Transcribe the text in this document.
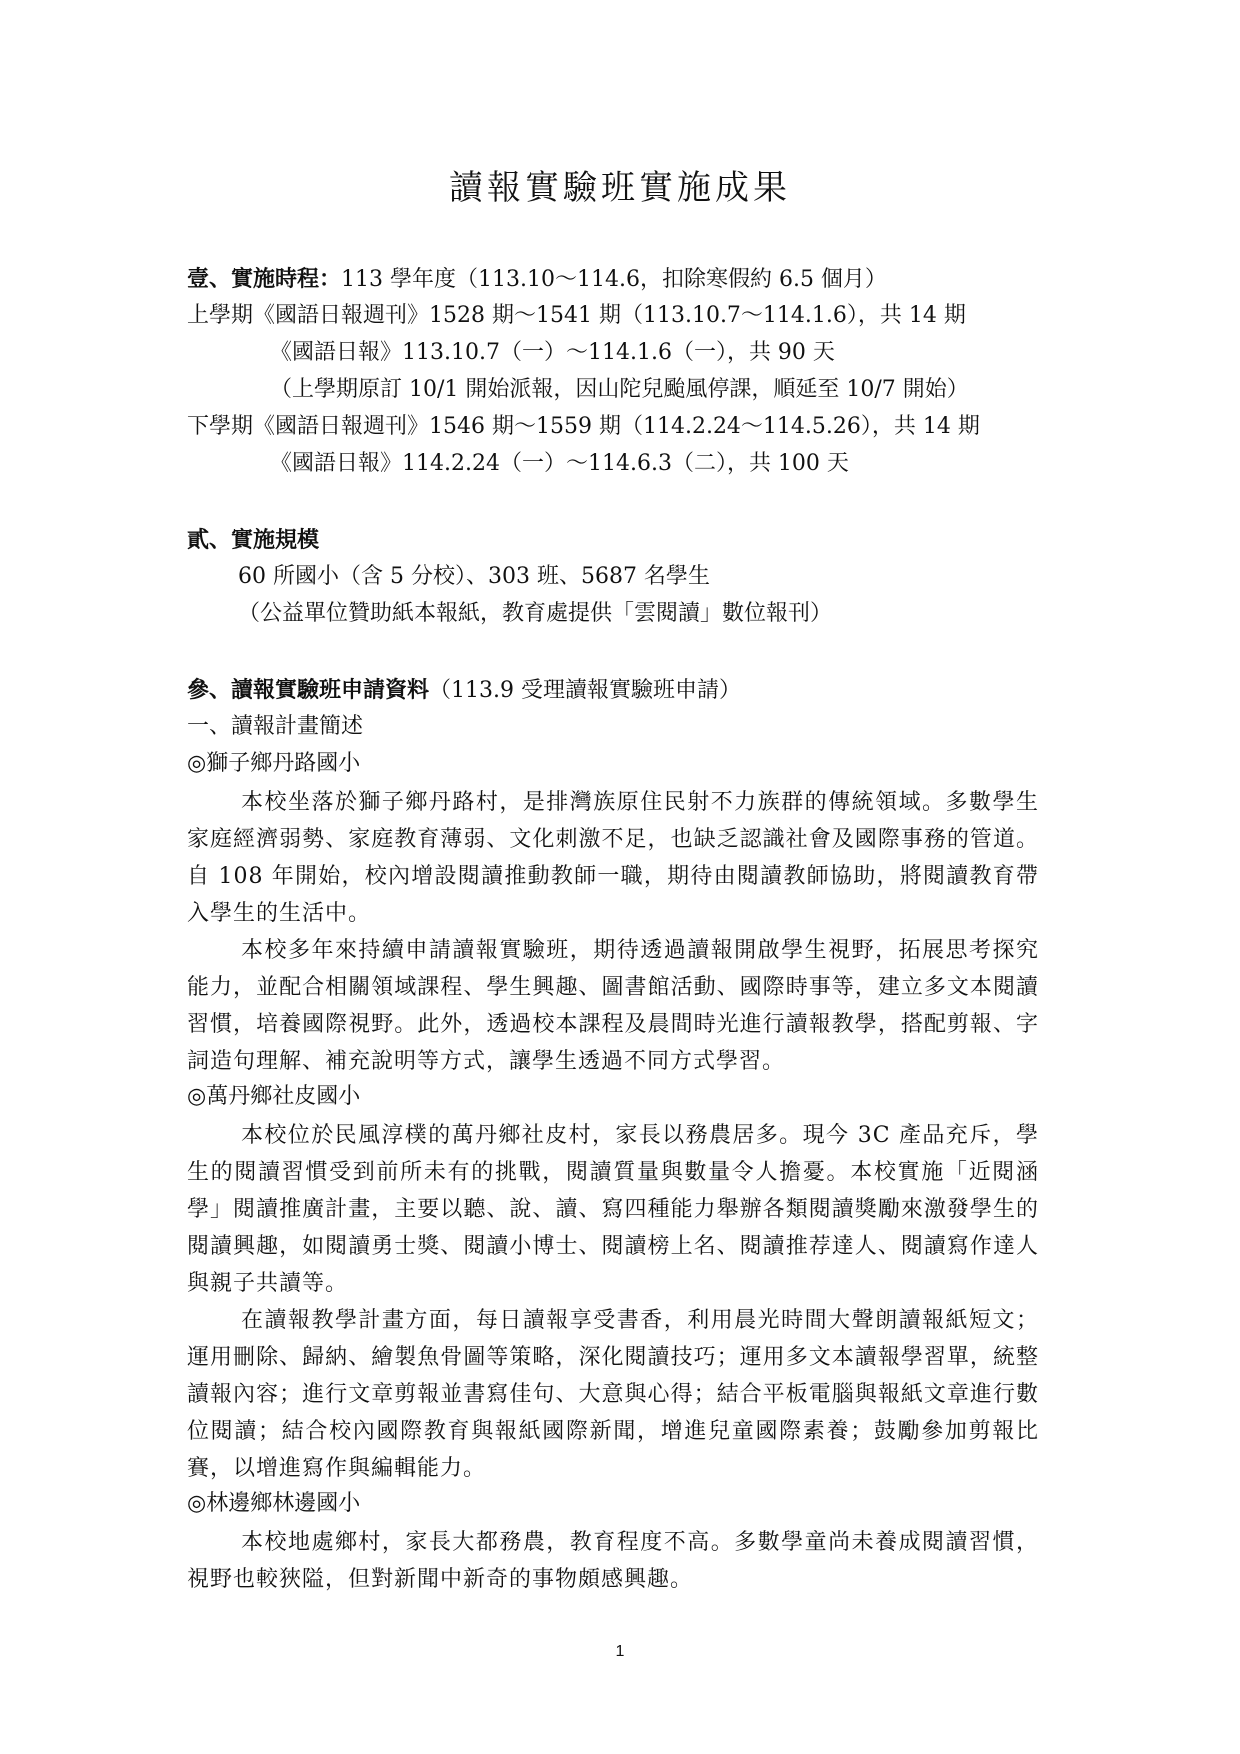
讀報實驗班實施成果
壹、實施時程：113 學年度（113.10～114.6，扣除寒假約 6.5 個月）
上學期《國語日報週刊》1528 期～1541 期（113.10.7～114.1.6），共 14 期
《國語日報》113.10.7（一）～114.1.6（一），共 90 天
（上學期原訂 10/1 開始派報，因山陀兒颱風停課，順延至 10/7 開始）
下學期《國語日報週刊》1546 期～1559 期（114.2.24～114.5.26），共 14 期
《國語日報》114.2.24（一）～114.6.3（二），共 100 天
貳、實施規模
60 所國小（含 5 分校）、303 班、5687 名學生
（公益單位贊助紙本報紙，教育處提供「雲閱讀」數位報刊）
參、讀報實驗班申請資料（113.9 受理讀報實驗班申請）
一、讀報計畫簡述
◎獅子鄉丹路國小
本校坐落於獅子鄉丹路村，是排灣族原住民射不力族群的傳統領域。多數學生家庭經濟弱勢、家庭教育薄弱、文化刺激不足，也缺乏認識社會及國際事務的管道。自 108 年開始，校內增設閱讀推動教師一職，期待由閱讀教師協助，將閱讀教育帶入學生的生活中。
本校多年來持續申請讀報實驗班，期待透過讀報開啟學生視野，拓展思考探究能力，並配合相關領域課程、學生興趣、圖書館活動、國際時事等，建立多文本閱讀習慣，培養國際視野。此外，透過校本課程及晨間時光進行讀報教學，搭配剪報、字詞造句理解、補充說明等方式，讓學生透過不同方式學習。
◎萬丹鄉社皮國小
本校位於民風淳樸的萬丹鄉社皮村，家長以務農居多。現今 3C 產品充斥，學生的閱讀習慣受到前所未有的挑戰，閱讀質量與數量令人擔憂。本校實施「近閱涵學」閱讀推廣計畫，主要以聽、說、讀、寫四種能力舉辦各類閱讀獎勵來激發學生的閱讀興趣，如閱讀勇士獎、閱讀小博士、閱讀榜上名、閱讀推荐達人、閱讀寫作達人與親子共讀等。
在讀報教學計畫方面，每日讀報享受書香，利用晨光時間大聲朗讀報紙短文；運用刪除、歸納、繪製魚骨圖等策略，深化閱讀技巧；運用多文本讀報學習單，統整讀報內容；進行文章剪報並書寫佳句、大意與心得；結合平板電腦與報紙文章進行數位閱讀；結合校內國際教育與報紙國際新聞，增進兒童國際素養；鼓勵參加剪報比賽，以增進寫作與編輯能力。
◎林邊鄉林邊國小
本校地處鄉村，家長大都務農，教育程度不高。多數學童尚未養成閱讀習慣，視野也較狹隘，但對新聞中新奇的事物頗感興趣。
1
